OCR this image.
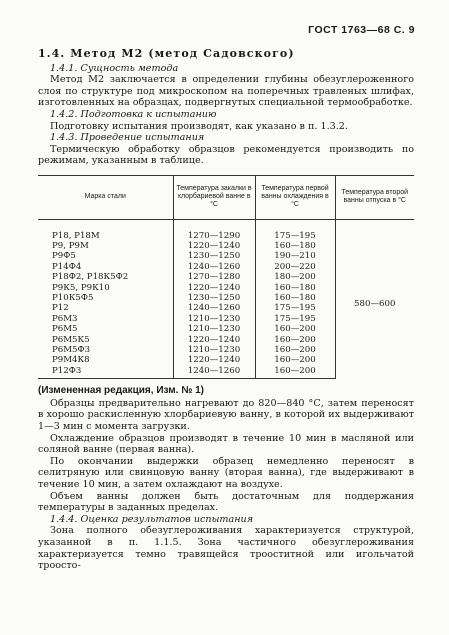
ГОСТ 1763—68 С. 9
1.4. Метод М2 (метод Садовского)

1.4.1. Сущность метода

Метод М2 заключается в определении глубины обезуглероженного слоя по структуре под микроскопом на поперечных травленых шлифах, изготовленных на образцах, подвергнутых специальной термообработке.

1.4.2. Подготовка к испытанию

Подготовку испытания производят, как указано в п. 1.3.2.

1.4.3. Проведение испытания

Термическую обработку образцов рекомендуется производить по режимам, указанным в таблице.

Марка стали	Температура закалки в хлорбариевой ванне в °С	Температура первой ванны охлаждения в °С	Температура второй ванны отпуска в °С
Р18, Р18М	1270—1290	175—195	580—600
Р9, Р9М	1220—1240	160—180	
Р9Ф5	1230—1250	190—210	
Р14Ф4	1240—1260	200—220	
Р18Ф2, Р18К5Ф2	1270—1280	180—200	
Р9К5, Р9К10	1220—1240	160—180	
Р10К5Ф5	1230—1250	160—180	
Р12	1240—1260	175—195	
Р6М3	1210—1230	175—195	
Р6М5	1210—1230	160—200	
Р6М5К5	1220—1240	160—200	
Р6М5Ф3	1210—1230	160—200	
Р9М4К8	1220—1240	160—200	
Р12Ф3	1240—1260	160—200	
(Измененная редакция, Изм. № 1)

Образцы предварительно нагревают до 820—840 °С, затем переносят в хорошо раскисленную хлорбариевую ванну, в которой их выдерживают 1—3 мин с момента загрузки.

Охлаждение образцов производят в течение 10 мин в масляной или соляной ванне (первая ванна).

По окончании выдержки образец немедленно переносят в селитряную или свинцовую ванну (вторая ванна), где выдерживают в течение 10 мин, а затем охлаждают на воздухе.

Объем ванны должен быть достаточным для поддержания температуры в заданных пределах.

1.4.4. Оценка результатов испытания

Зона полного обезуглероживания характеризуется структурой, указанной в п. 1.1.5. Зона частичного обезуглероживания характеризуется темно травящейся трооститной или игольчатой троосто-
